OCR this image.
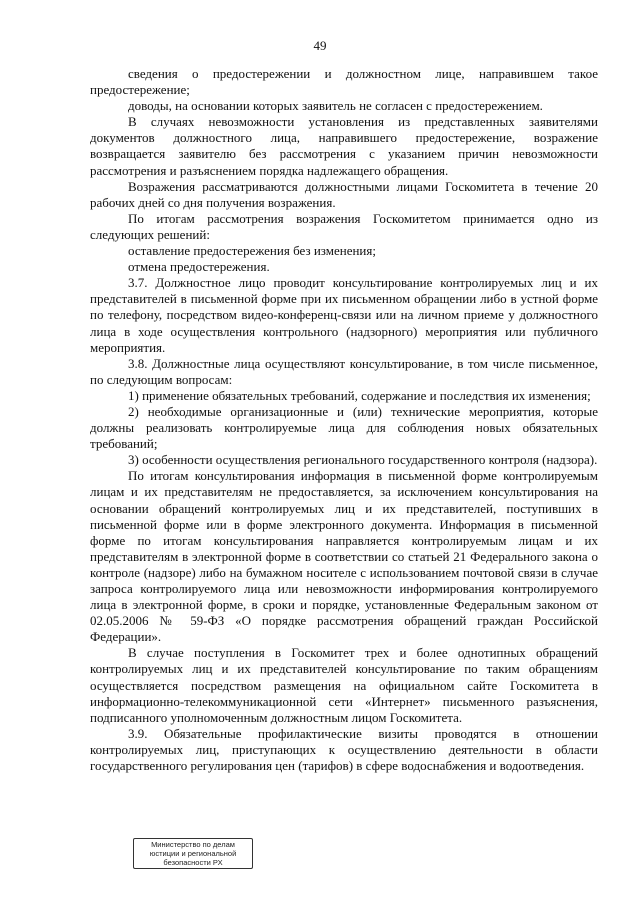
49

сведения о предостережении и должностном лице, направившем такое предостережение;

доводы, на основании которых заявитель не согласен с предостережением.

В случаях невозможности установления из представленных заявителями документов должностного лица, направившего предостережение, возражение возвращается заявителю без рассмотрения с указанием причин невозможности рассмотрения и разъяснением порядка надлежащего обращения.

Возражения рассматриваются должностными лицами Госкомитета в течение 20 рабочих дней со дня получения возражения.

По итогам рассмотрения возражения Госкомитетом принимается одно из следующих решений:

оставление предостережения без изменения;

отмена предостережения.

3.7. Должностное лицо проводит консультирование контролируемых лиц и их представителей в письменной форме при их письменном обращении либо в устной форме по телефону, посредством видео-конференц-связи или на личном приеме у должностного лица в ходе осуществления контрольного (надзорного) мероприятия или публичного мероприятия.

3.8. Должностные лица осуществляют консультирование, в том числе письменное, по следующим вопросам:

1) применение обязательных требований, содержание и последствия их изменения;

2) необходимые организационные и (или) технические мероприятия, которые должны реализовать контролируемые лица для соблюдения новых обязательных требований;

3) особенности осуществления регионального государственного контроля (надзора).

По итогам консультирования информация в письменной форме контролируемым лицам и их представителям не предоставляется, за исключением консультирования на основании обращений контролируемых лиц и их представителей, поступивших в письменной форме или в форме электронного документа. Информация в письменной форме по итогам консультирования направляется контролируемым лицам и их представителям в электронной форме в соответствии со статьей 21 Федерального закона о контроле (надзоре) либо на бумажном носителе с использованием почтовой связи в случае запроса контролируемого лица или невозможности информирования контролируемого лица в электронной форме, в сроки и порядке, установленные Федеральным законом от 02.05.2006 № 59-ФЗ «О порядке рассмотрения обращений граждан Российской Федерации».

В случае поступления в Госкомитет трех и более однотипных обращений контролируемых лиц и их представителей консультирование по таким обращениям осуществляется посредством размещения на официальном сайте Госкомитета в информационно-телекоммуникационной сети «Интернет» письменного разъяснения, подписанного уполномоченным должностным лицом Госкомитета.

3.9. Обязательные профилактические визиты проводятся в отношении контролируемых лиц, приступающих к осуществлению деятельности в области государственного регулирования цен (тарифов) в сфере водоснабжения и водоотведения.

Министерство по делам
юстиции и региональной
безопасности РХ
